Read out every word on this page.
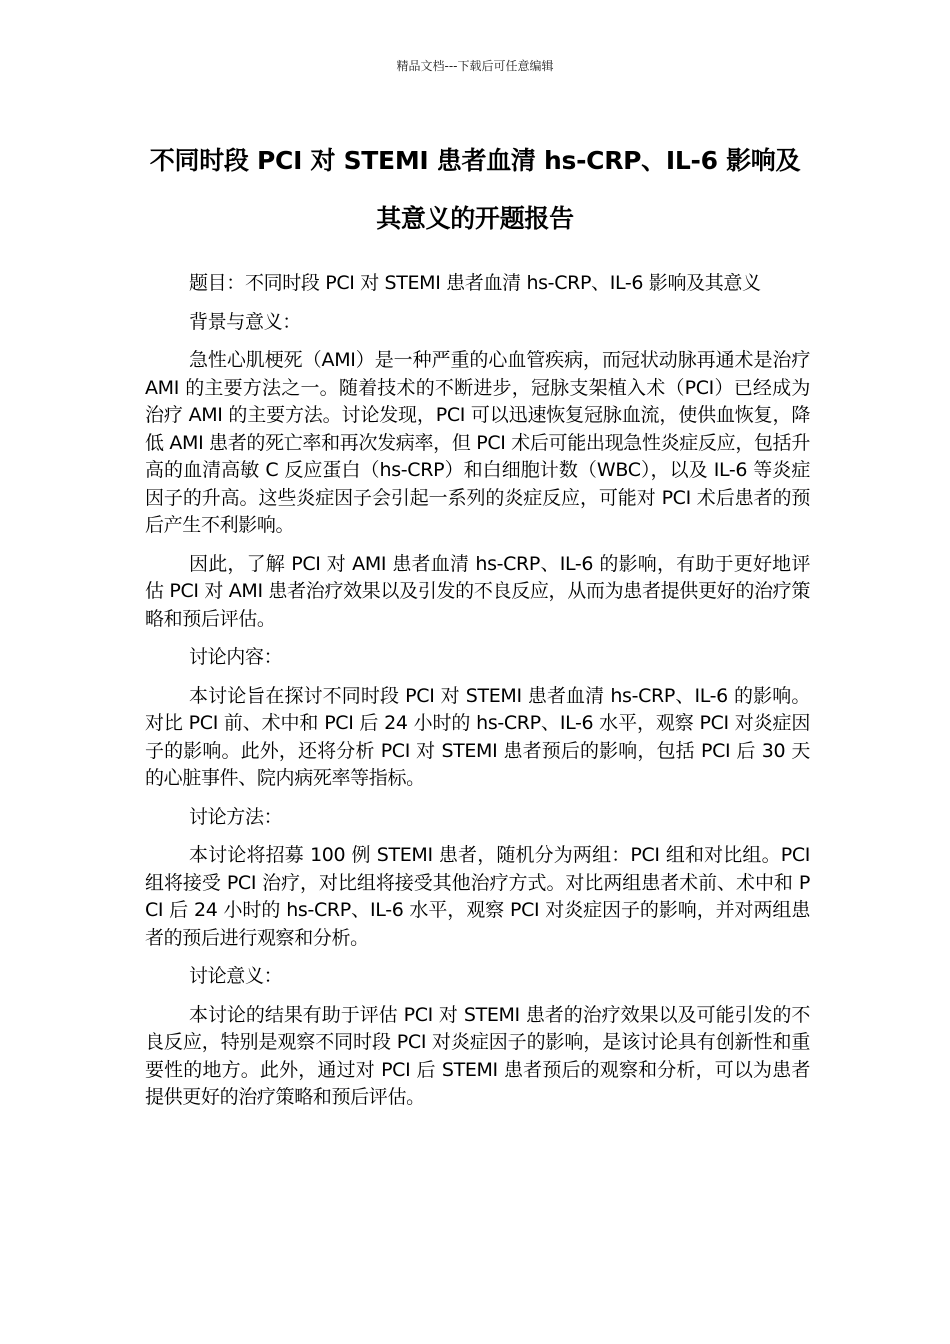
精品文档---下载后可任意编辑
不同时段 PCI 对 STEMI 患者血清 hs-CRP、IL-6 影响及其意义的开题报告

题目：不同时段 PCI 对 STEMI 患者血清 hs-CRP、IL-6 影响及其意义

背景与意义：

急性心肌梗死（AMI）是一种严重的心血管疾病，而冠状动脉再通术是治疗 AMI 的主要方法之一。随着技术的不断进步，冠脉支架植入术（PCI）已经成为治疗 AMI 的主要方法。讨论发现，PCI 可以迅速恢复冠脉血流，使供血恢复，降低 AMI 患者的死亡率和再次发病率，但 PCI 术后可能出现急性炎症反应，包括升高的血清高敏 C 反应蛋白（hs-CRP）和白细胞计数（WBC），以及 IL-6 等炎症因子的升高。这些炎症因子会引起一系列的炎症反应，可能对 PCI 术后患者的预后产生不利影响。

因此，了解 PCI 对 AMI 患者血清 hs-CRP、IL-6 的影响，有助于更好地评估 PCI 对 AMI 患者治疗效果以及引发的不良反应，从而为患者提供更好的治疗策略和预后评估。

讨论内容：

本讨论旨在探讨不同时段 PCI 对 STEMI 患者血清 hs-CRP、IL-6 的影响。对比 PCI 前、术中和 PCI 后 24 小时的 hs-CRP、IL-6 水平，观察 PCI 对炎症因子的影响。此外，还将分析 PCI 对 STEMI 患者预后的影响，包括 PCI 后 30 天的心脏事件、院内病死率等指标。

讨论方法：

本讨论将招募 100 例 STEMI 患者，随机分为两组：PCI 组和对比组。PCI 组将接受 PCI 治疗，对比组将接受其他治疗方式。对比两组患者术前、术中和 PCI 后 24 小时的 hs-CRP、IL-6 水平，观察 PCI 对炎症因子的影响，并对两组患者的预后进行观察和分析。

讨论意义：

本讨论的结果有助于评估 PCI 对 STEMI 患者的治疗效果以及可能引发的不良反应，特别是观察不同时段 PCI 对炎症因子的影响，是该讨论具有创新性和重要性的地方。此外，通过对 PCI 后 STEMI 患者预后的观察和分析，可以为患者提供更好的治疗策略和预后评估。
